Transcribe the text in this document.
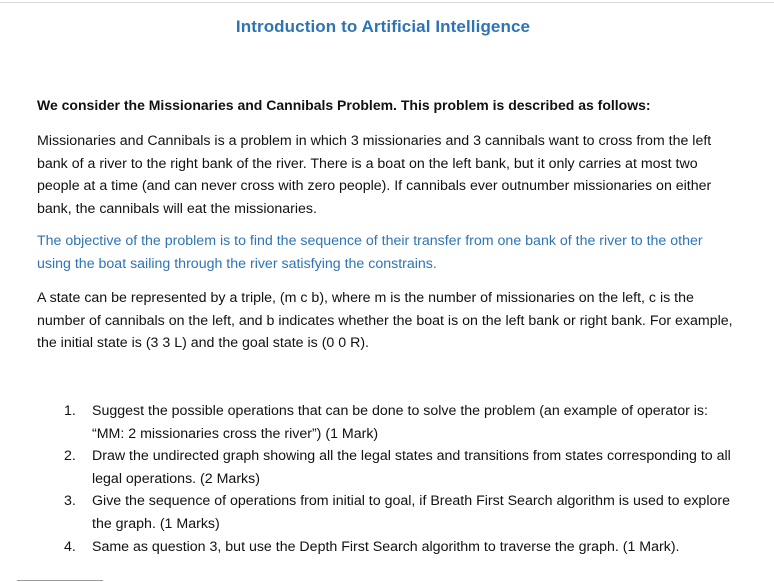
Introduction to Artificial Intelligence
We consider the Missionaries and Cannibals Problem. This problem is described as follows:
Missionaries and Cannibals is a problem in which 3 missionaries and 3 cannibals want to cross from the left bank of a river to the right bank of the river. There is a boat on the left bank, but it only carries at most two people at a time (and can never cross with zero people). If cannibals ever outnumber missionaries on either bank, the cannibals will eat the missionaries.
The objective of the problem is to find the sequence of their transfer from one bank of the river to the other using the boat sailing through the river satisfying the constrains.
A state can be represented by a triple, (m c b), where m is the number of missionaries on the left, c is the number of cannibals on the left, and b indicates whether the boat is on the left bank or right bank. For example, the initial state is (3 3 L) and the goal state is (0 0 R).
1. Suggest the possible operations that can be done to solve the problem (an example of operator is: “MM: 2 missionaries cross the river”) (1 Mark)
2. Draw the undirected graph showing all the legal states and transitions from states corresponding to all legal operations. (2 Marks)
3. Give the sequence of operations from initial to goal, if Breath First Search algorithm is used to explore the graph. (1 Marks)
4. Same as question 3, but use the Depth First Search algorithm to traverse the graph. (1 Mark).
